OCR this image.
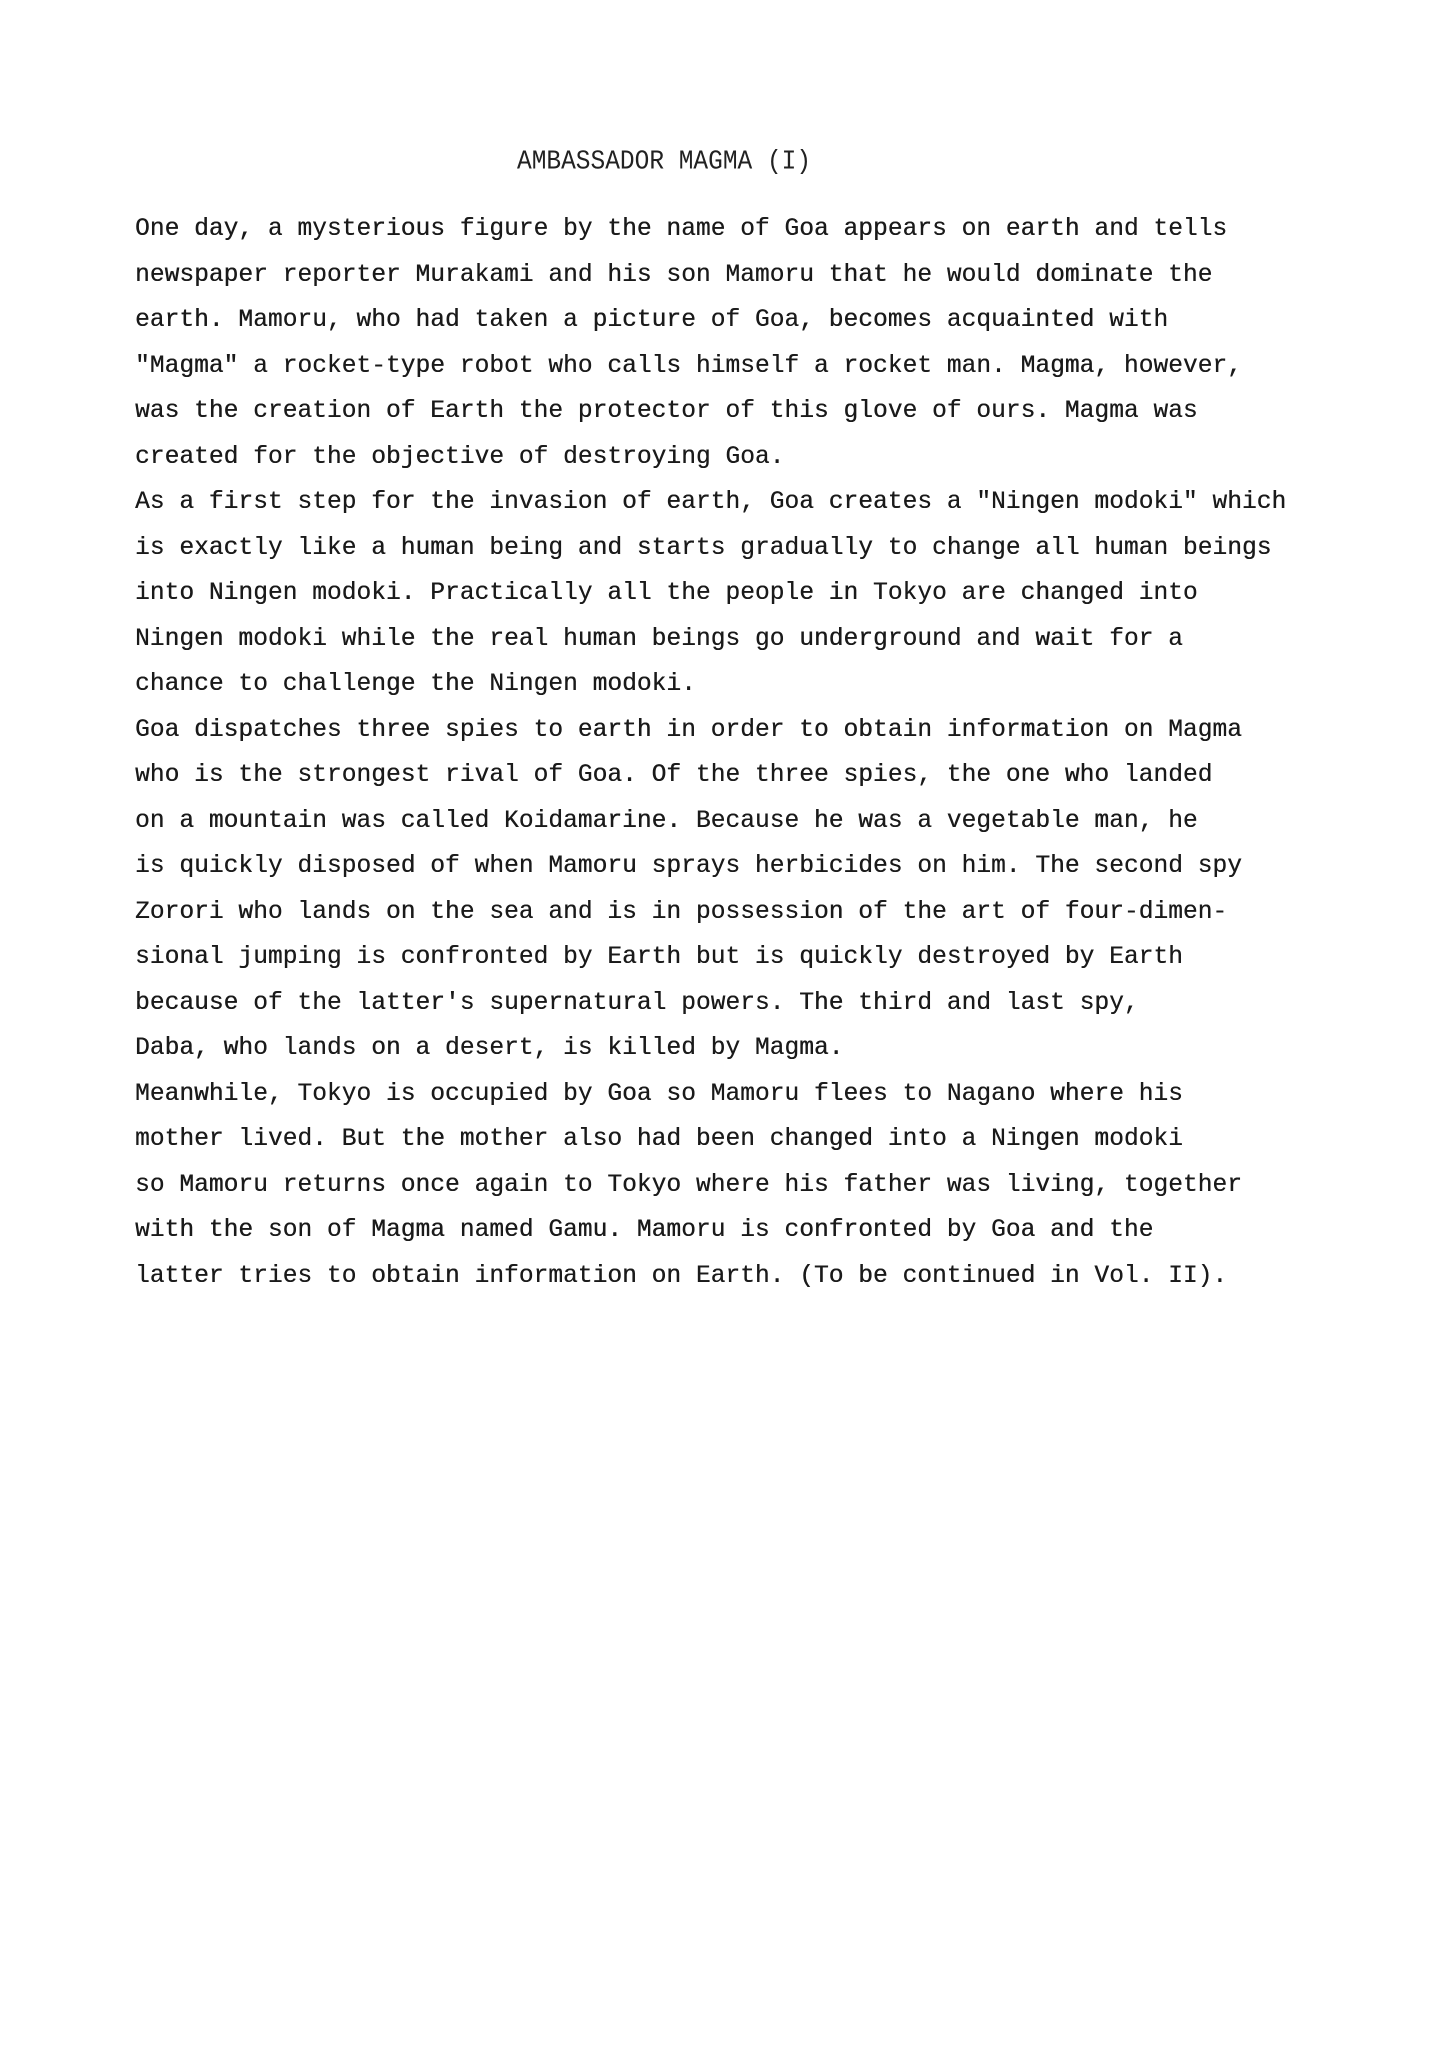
AMBASSADOR MAGMA (I)
One day, a mysterious figure by the name of Goa appears on earth and tells
newspaper reporter Murakami and his son Mamoru that he would dominate the
earth. Mamoru, who had taken a picture of Goa, becomes acquainted with
"Magma" a rocket-type robot who calls himself a rocket man. Magma, however,
was the creation of Earth the protector of this glove of ours. Magma was
created for the objective of destroying Goa.
As a first step for the invasion of earth, Goa creates a "Ningen modoki" which
is exactly like a human being and starts gradually to change all human beings
into Ningen modoki. Practically all the people in Tokyo are changed into
Ningen modoki while the real human beings go underground and wait for a
chance to challenge the Ningen modoki.
Goa dispatches three spies to earth in order to obtain information on Magma
who is the strongest rival of Goa. Of the three spies, the one who landed
on a mountain was called Koidamarine. Because he was a vegetable man, he
is quickly disposed of when Mamoru sprays herbicides on him. The second spy
Zorori who lands on the sea and is in possession of the art of four-dimen-
sional jumping is confronted by Earth but is quickly destroyed by Earth
because of the latter's supernatural powers. The third and last spy,
Daba, who lands on a desert, is killed by Magma.
Meanwhile, Tokyo is occupied by Goa so Mamoru flees to Nagano where his
mother lived. But the mother also had been changed into a Ningen modoki
so Mamoru returns once again to Tokyo where his father was living, together
with the son of Magma named Gamu. Mamoru is confronted by Goa and the
latter tries to obtain information on Earth. (To be continued in Vol. II).
